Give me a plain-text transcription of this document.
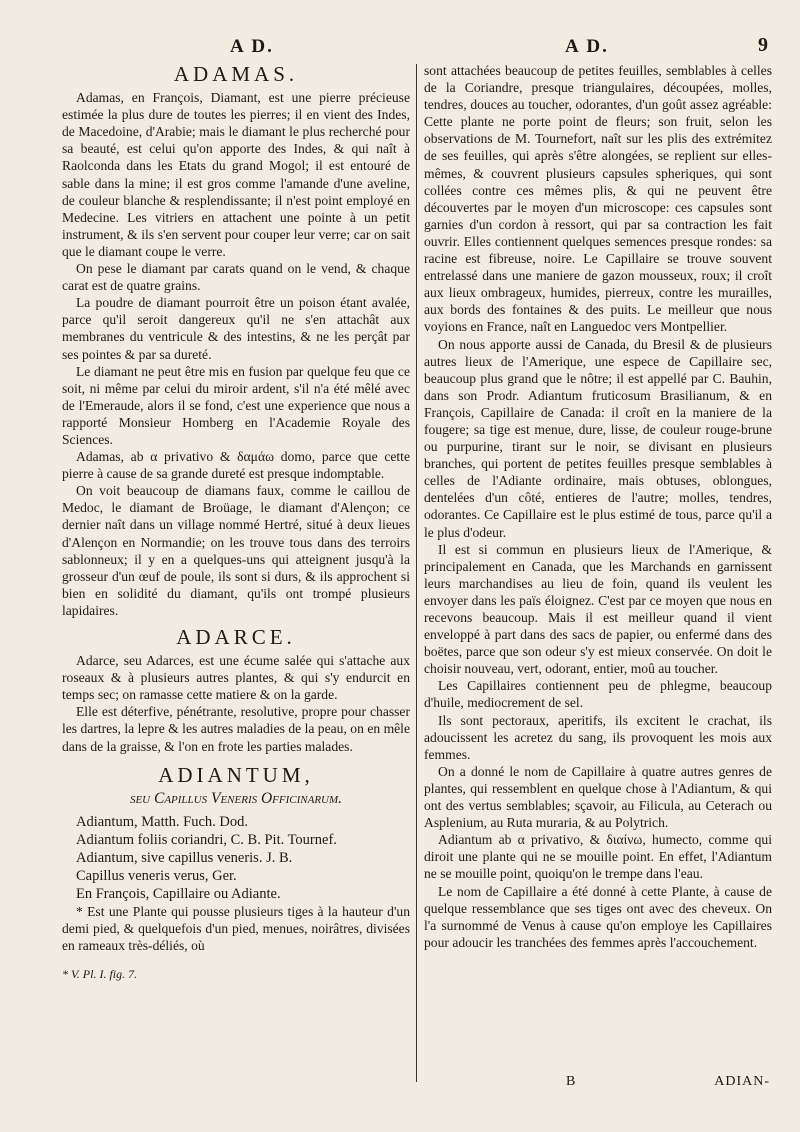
A D.	A D.	9
ADAMAS.

Adamas, en François, Diamant, est une pierre précieuse estimée la plus dure de toutes les pierres; il en vient des Indes, de Macedoine, d'Arabie; mais le diamant le plus recherché pour sa beauté, est celui qu'on apporte des Indes, & qui naît à Raolconda dans les Etats du grand Mogol; il est entouré de sable dans la mine; il est gros comme l'amande d'une aveline, de couleur blanche & resplendissante; il n'est point employé en Medecine. Les vitriers en attachent une pointe à un petit instrument, & ils s'en servent pour couper leur verre; car on sait que le diamant coupe le verre.

On pese le diamant par carats quand on le vend, & chaque carat est de quatre grains.

La poudre de diamant pourroit être un poison étant avalée, parce qu'il seroit dangereux qu'il ne s'en attachât aux membranes du ventricule & des intestins, & ne les perçât par ses pointes & par sa dureté.

Le diamant ne peut être mis en fusion par quelque feu que ce soit, ni même par celui du miroir ardent, s'il n'a été mêlé avec de l'Emeraude, alors il se fond, c'est une experience que nous a rapporté Monsieur Homberg en l'Academie Royale des Sciences.

Adamas, ab α privativo & δαμάω domo, parce que cette pierre à cause de sa grande dureté est presque indomptable.

On voit beaucoup de diamans faux, comme le caillou de Medoc, le diamant de Broüage, le diamant d'Alençon; ce dernier naît dans un village nommé Hertré, situé à deux lieues d'Alençon en Normandie; on les trouve tous dans des terroirs sablonneux; il y en a quelques-uns qui atteignent jusqu'à la grosseur d'un œuf de poule, ils sont si durs, & ils approchent si bien en solidité du diamant, qu'ils ont trompé plusieurs lapidaires.

ADARCE.

Adarce, seu Adarces, est une écume salée qui s'attache aux roseaux & à plusieurs autres plantes, & qui s'y endurcit en temps sec; on ramasse cette matiere & on la garde.

Elle est déterfive, pénétrante, resolutive, propre pour chasser les dartres, la lepre & les autres maladies de la peau, on en mêle dans de la graisse, & l'on en frote les parties malades.

ADIANTUM,
seu Capillus Veneris Officinarum.

Adiantum, Matth. Fuch. Dod.

Adiantum foliis coriandri, C. B. Pit. Tournef.

Adiantum, sive capillus veneris. J. B.

Capillus veneris verus, Ger.

En François, Capillaire ou Adiante.

* Est une Plante qui pousse plusieurs tiges à la hauteur d'un demi pied, & quelquefois d'un pied, menues, noirâtres, divisées en rameaux très-déliés, où

* V. Pl. I. fig. 7.

sont attachées beaucoup de petites feuilles, semblables à celles de la Coriandre, presque triangulaires, découpées, molles, tendres, douces au toucher, odorantes, d'un goût assez agréable: Cette plante ne porte point de fleurs; son fruit, selon les observations de M. Tournefort, naît sur les plis des extrémitez de ses feuilles, qui après s'être alongées, se replient sur elles-mêmes, & couvrent plusieurs capsules spheriques, qui sont collées contre ces mêmes plis, & qui ne peuvent être découvertes par le moyen d'un microscope: ces capsules sont garnies d'un cordon à ressort, qui par sa contraction les fait ouvrir. Elles contiennent quelques semences presque rondes: sa racine est fibreuse, noire. Le Capillaire se trouve souvent entrelassé dans une maniere de gazon mousseux, roux; il croît aux lieux ombrageux, humides, pierreux, contre les murailles, aux bords des fontaines & des puits. Le meilleur que nous voyions en France, naît en Languedoc vers Montpellier.

On nous apporte aussi de Canada, du Bresil & de plusieurs autres lieux de l'Amerique, une espece de Capillaire sec, beaucoup plus grand que le nôtre; il est appellé par C. Bauhin, dans son Prodr. Adiantum fruticosum Brasilianum, & en François, Capillaire de Canada: il croît en la maniere de la fougere; sa tige est menue, dure, lisse, de couleur rouge-brune ou purpurine, tirant sur le noir, se divisant en plusieurs branches, qui portent de petites feuilles presque semblables à celles de l'Adiante ordinaire, mais obtuses, oblongues, dentelées d'un côté, entieres de l'autre; molles, tendres, odorantes. Ce Capillaire est le plus estimé de tous, parce qu'il a le plus d'odeur.

Il est si commun en plusieurs lieux de l'Amerique, & principalement en Canada, que les Marchands en garnissent leurs marchandises au lieu de foin, quand ils veulent les envoyer dans les païs éloignez. C'est par ce moyen que nous en recevons beaucoup. Mais il est meilleur quand il vient enveloppé à part dans des sacs de papier, ou enfermé dans des boëtes, parce que son odeur s'y est mieux conservée. On doit le choisir nouveau, vert, odorant, entier, moû au toucher.

Les Capillaires contiennent peu de phlegme, beaucoup d'huile, mediocrement de sel.

Ils sont pectoraux, aperitifs, ils excitent le crachat, ils adoucissent les acretez du sang, ils provoquent les mois aux femmes.

On a donné le nom de Capillaire à quatre autres genres de plantes, qui ressemblent en quelque chose à l'Adiantum, & qui ont des vertus semblables; sçavoir, au Filicula, au Ceterach ou Asplenium, au Ruta muraria, & au Polytrich.

Adiantum ab α privativo, & διαίνω, humecto, comme qui diroit une plante qui ne se mouille point. En effet, l'Adiantum ne se mouille point, quoiqu'on le trempe dans l'eau.

Le nom de Capillaire a été donné à cette Plante, à cause de quelque ressemblance que ses tiges ont avec des cheveux. On l'a surnommé de Venus à cause qu'on employe les Capillaires pour adoucir les tranchées des femmes après l'accouchement.

B	ADIAN-
